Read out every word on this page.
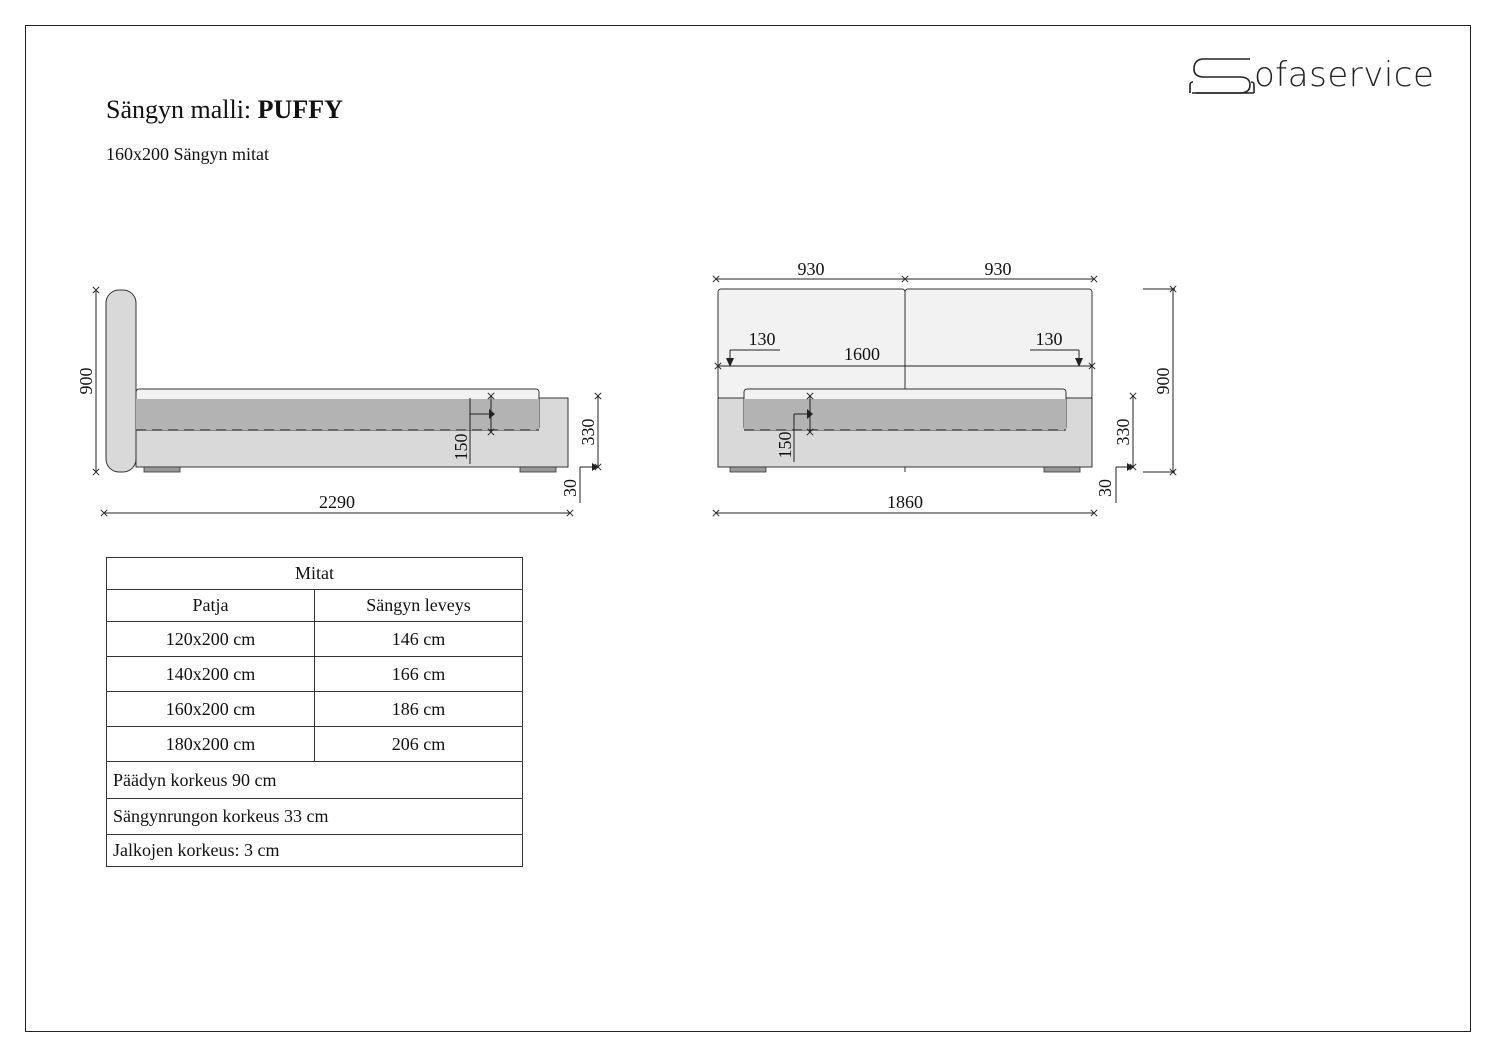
Sängyn malli: PUFFY
160x200 Sängyn mitat
ofaservice
900
150
330
30
2290
930	930
1600
130	130
150	330
30
900
1860
Mitat	
Patja	Sängyn leveys
120x200 cm	146 cm
140x200 cm	166 cm
160x200 cm	186 cm
180x200 cm	206 cm
Päädyn korkeus 90 cm	
Sängynrungon korkeus 33 cm	
Jalkojen korkeus: 3 cm	
